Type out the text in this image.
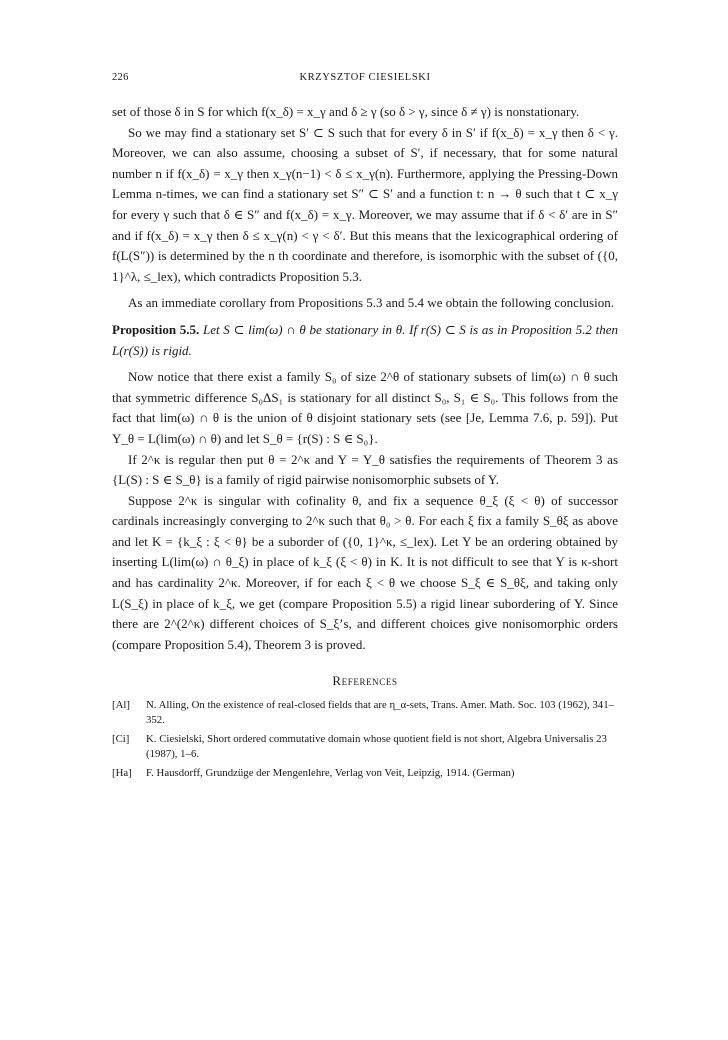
226	KRZYSZTOF CIESIELSKI

set of those δ in S for which f(x_δ) = x_γ and δ ≥ γ (so δ > γ, since δ ≠ γ) is nonstationary.

So we may find a stationary set S′ ⊂ S such that for every δ in S′ if f(x_δ) = x_γ then δ < γ. Moreover, we can also assume, choosing a subset of S′, if necessary, that for some natural number n if f(x_δ) = x_γ then x_γ(n−1) < δ ≤ x_γ(n). Furthermore, applying the Pressing-Down Lemma n-times, we can find a stationary set S″ ⊂ S′ and a function t: n → θ such that t ⊂ x_γ for every γ such that δ ∈ S″ and f(x_δ) = x_γ. Moreover, we may assume that if δ < δ′ are in S″ and if f(x_δ) = x_γ then δ ≤ x_γ(n) < γ < δ′. But this means that the lexicographical ordering of f(L(S″)) is determined by the n th coordinate and therefore, is isomorphic with the subset of ({0, 1}^λ, ≤_lex), which contradicts Proposition 5.3.

As an immediate corollary from Propositions 5.3 and 5.4 we obtain the following conclusion.

Proposition 5.5. Let S ⊂ lim(ω) ∩ θ be stationary in θ. If r(S) ⊂ S is as in Proposition 5.2 then L(r(S)) is rigid.

Now notice that there exist a family S₀ of size 2^θ of stationary subsets of lim(ω) ∩ θ such that symmetric difference S₀ΔS₁ is stationary for all distinct S₀, S₁ ∈ S₀. This follows from the fact that lim(ω) ∩ θ is the union of θ disjoint stationary sets (see [Je, Lemma 7.6, p. 59]). Put Y_θ = L(lim(ω) ∩ θ) and let S_θ = {r(S) : S ∈ S₀}.

If 2^κ is regular then put θ = 2^κ and Y = Y_θ satisfies the requirements of Theorem 3 as {L(S) : S ∈ S_θ} is a family of rigid pairwise nonisomorphic subsets of Y.

Suppose 2^κ is singular with cofinality θ, and fix a sequence θ_ξ (ξ < θ) of successor cardinals increasingly converging to 2^κ such that θ₀ > θ. For each ξ fix a family S_θξ as above and let K = {k_ξ : ξ < θ} be a suborder of ({0, 1}^κ, ≤_lex). Let Y be an ordering obtained by inserting L(lim(ω) ∩ θ_ξ) in place of k_ξ (ξ < θ) in K. It is not difficult to see that Y is κ-short and has cardinality 2^κ. Moreover, if for each ξ < θ we choose S_ξ ∈ S_θξ, and taking only L(S_ξ) in place of k_ξ, we get (compare Proposition 5.5) a rigid linear subordering of Y. Since there are 2^(2^κ) different choices of S_ξ’s, and different choices give nonisomorphic orders (compare Proposition 5.4), Theorem 3 is proved.

References

[Al]	N. Alling, On the existence of real-closed fields that are η_α-sets, Trans. Amer. Math. Soc. 103 (1962), 341–352.
[Ci]	K. Ciesielski, Short ordered commutative domain whose quotient field is not short, Algebra Universalis 23 (1987), 1–6.
[Ha]	F. Hausdorff, Grundzüge der Mengenlehre, Verlag von Veit, Leipzig, 1914. (German)
